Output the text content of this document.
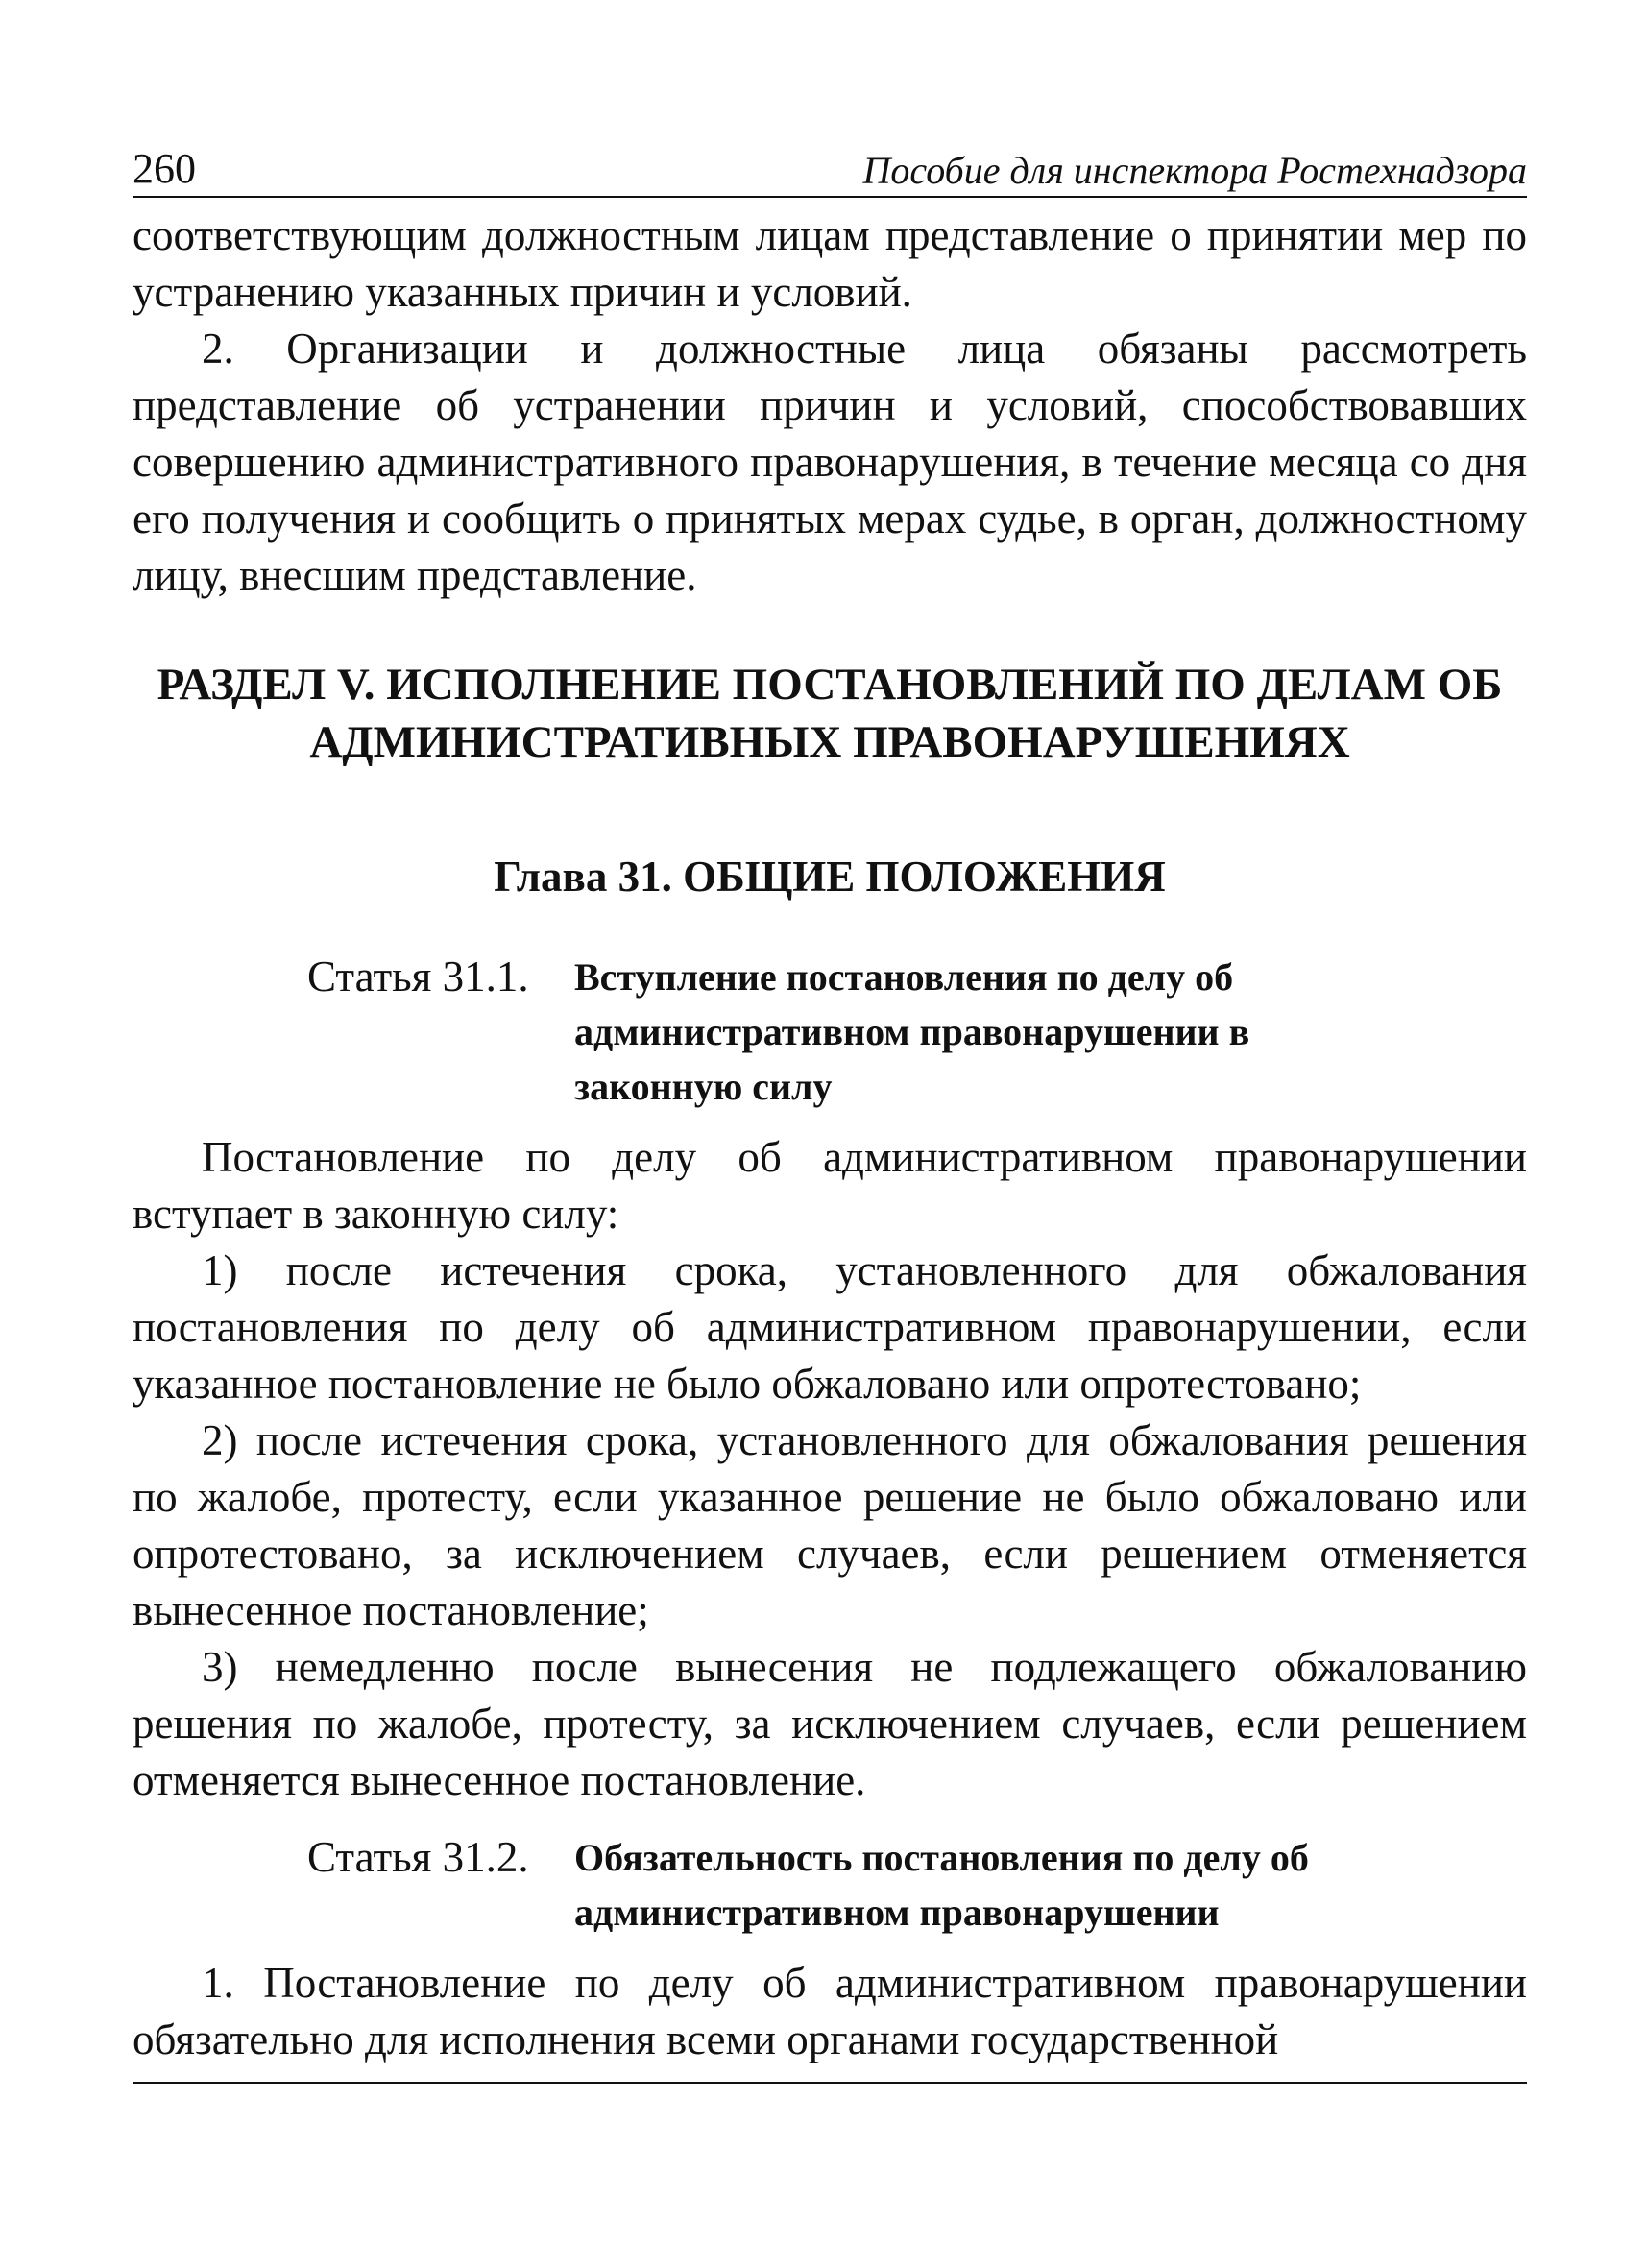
260	Пособие для инспектора Ростехнадзора

соответствующим должностным лицам представление о принятии мер по устранению указанных причин и условий.

2. Организации и должностные лица обязаны рассмотреть представление об устранении причин и условий, способствовавших совершению административного правонарушения, в течение месяца со дня его получения и сообщить о принятых мерах судье, в орган, должностному лицу, внесшим представление.

РАЗДЕЛ V. ИСПОЛНЕНИЕ ПОСТАНОВЛЕНИЙ ПО ДЕЛАМ ОБ АДМИНИСТРАТИВНЫХ ПРАВОНАРУШЕНИЯХ
Глава 31. ОБЩИЕ ПОЛОЖЕНИЯ
Статья 31.1.	Вступление постановления по делу об административном правонарушении в законную силу

Постановление по делу об административном правонарушении вступает в законную силу:

1) после истечения срока, установленного для обжалования постановления по делу об административном правонарушении, если указанное постановление не было обжаловано или опротестовано;

2) после истечения срока, установленного для обжалования решения по жалобе, протесту, если указанное решение не было обжаловано или опротестовано, за исключением случаев, если решением отменяется вынесенное постановление;

3) немедленно после вынесения не подлежащего обжалованию решения по жалобе, протесту, за исключением случаев, если решением отменяется вынесенное постановление.

Статья 31.2.	Обязательность постановления по делу об административном правонарушении

1. Постановление по делу об административном правонарушении обязательно для исполнения всеми органами государственной
